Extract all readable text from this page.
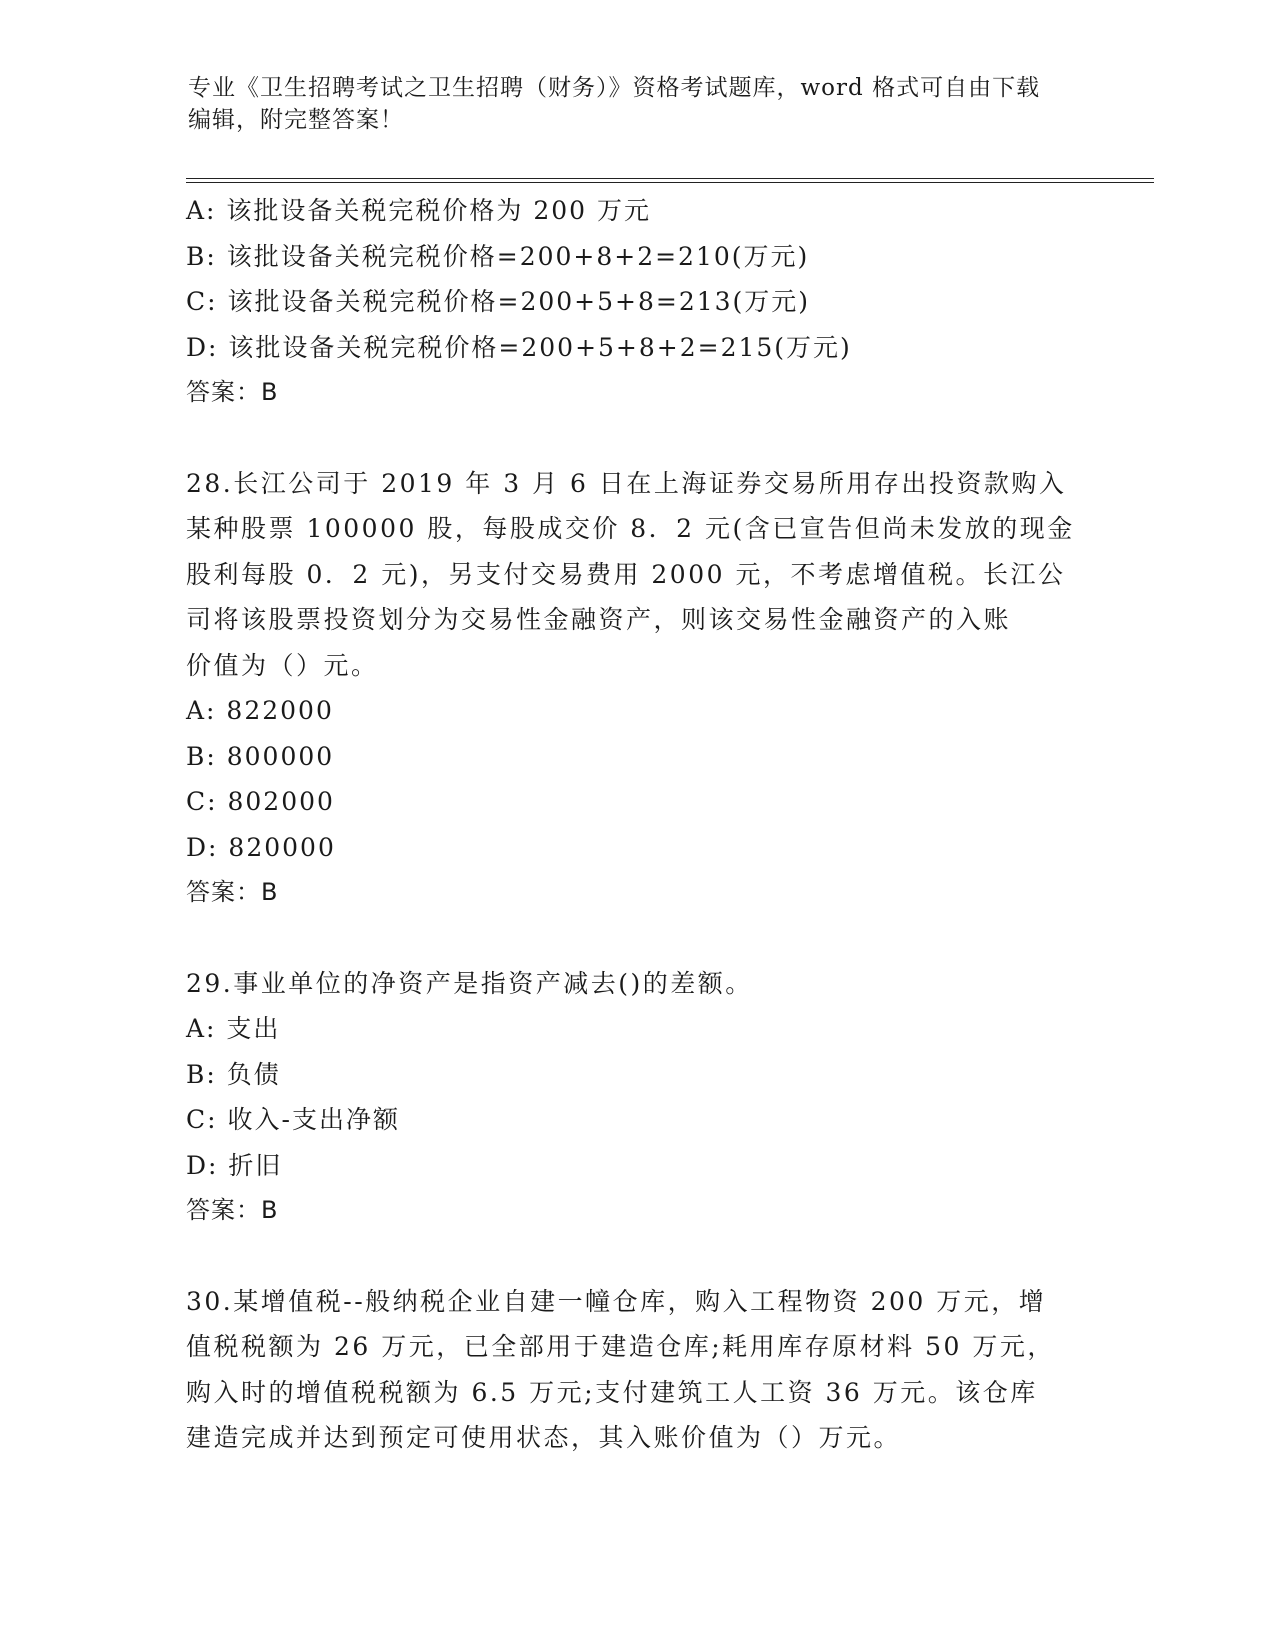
专业《卫生招聘考试之卫生招聘（财务）》资格考试题库，word 格式可自由下载
编辑，附完整答案！
A: 该批设备关税完税价格为 200 万元
B: 该批设备关税完税价格=200+8+2=210(万元)
C: 该批设备关税完税价格=200+5+8=213(万元)
D: 该批设备关税完税价格=200+5+8+2=215(万元)
答案：B
28.长江公司于 2019 年 3 月 6 日在上海证券交易所用存出投资款购入
某种股票 100000 股，每股成交价 8．2 元(含已宣告但尚未发放的现金
股利每股 0．2 元)，另支付交易费用 2000 元，不考虑增值税。长江公
司将该股票投资划分为交易性金融资产，则该交易性金融资产的入账
价值为（）元。
A: 822000
B: 800000
C: 802000
D: 820000
答案：B
29.事业单位的净资产是指资产减去()的差额。
A: 支出
B: 负债
C: 收入-支出净额
D: 折旧
答案：B
30.某增值税--般纳税企业自建一幢仓库，购入工程物资 200 万元，增
值税税额为 26 万元，已全部用于建造仓库;耗用库存原材料 50 万元，
购入时的增值税税额为 6.5 万元;支付建筑工人工资 36 万元。该仓库
建造完成并达到预定可使用状态，其入账价值为（）万元。
